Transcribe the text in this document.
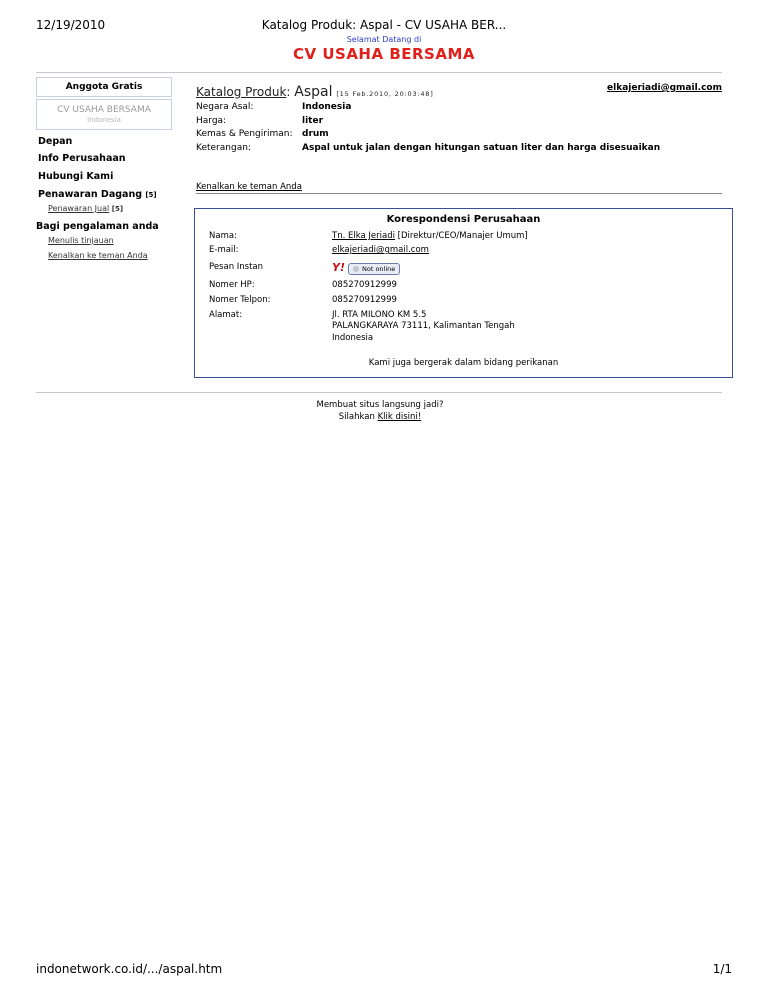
12/19/2010	Katalog Produk: Aspal - CV USAHA BER...
Selamat Datang di
CV USAHA BERSAMA
Anggota Gratis
CV USAHA BERSAMA
Indonesia
Depan
Info Perusahaan
Hubungi Kami
Penawaran Dagang [5]
Penawaran Jual [5]
Bagi pengalaman anda
Menulis tinjauan
Kenalkan ke teman Anda
Katalog Produk: Aspal [15 Feb.2010, 20:03:48]
elkajeriadi@gmail.com
Negara Asal:	Indonesia
Harga:	liter
Kemas & Pengiriman: drum
Keterangan:	Aspal untuk jalan dengan hitungan satuan liter dan harga disesuaikan
Kenalkan ke teman Anda
Korespondensi Perusahaan
Nama:	Tn. Elka Jeriadi [Direktur/CEO/Manajer Umum]
E-mail:	elkajeriadi@gmail.com
Pesan Instan	Y!	Not online
Nomer HP:	085270912999
Nomer Telpon:	085270912999
Alamat:	Jl. RTA MILONO KM 5.5
PALANGKARAYA 73111, Kalimantan Tengah
Indonesia
Kami juga bergerak dalam bidang perikanan
Membuat situs langsung jadi?
Silahkan Klik disini!
indonetwork.co.id/.../aspal.htm	1/1
